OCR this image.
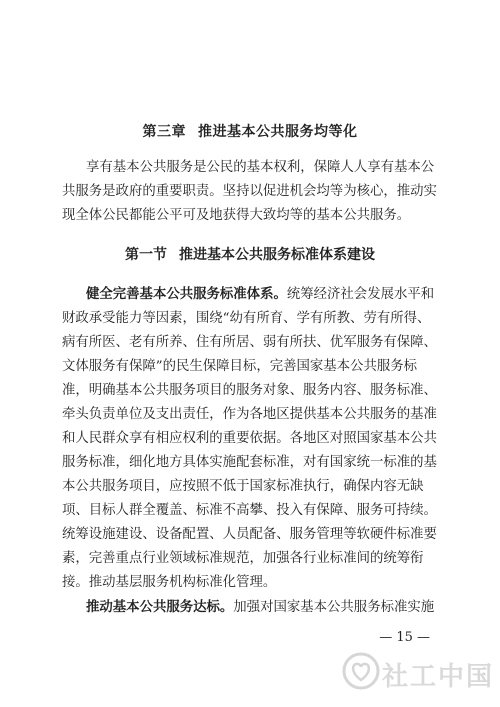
第三章 推进基本公共服务均等化
享有基本公共服务是公民的基本权利，保障人人享有基本公
共服务是政府的重要职责。坚持以促进机会均等为核心，推动实
现全体公民都能公平可及地获得大致均等的基本公共服务。
第一节 推进基本公共服务标准体系建设
健全完善基本公共服务标准体系。统筹经济社会发展水平和
财政承受能力等因素，围绕“幼有所育、学有所教、劳有所得、
病有所医、老有所养、住有所居、弱有所扶、优军服务有保障、
文体服务有保障”的民生保障目标，完善国家基本公共服务标
准，明确基本公共服务项目的服务对象、服务内容、服务标准、
牵头负责单位及支出责任，作为各地区提供基本公共服务的基准
和人民群众享有相应权利的重要依据。各地区对照国家基本公共
服务标准，细化地方具体实施配套标准，对有国家统一标准的基
本公共服务项目，应按照不低于国家标准执行，确保内容无缺
项、目标人群全覆盖、标准不高攀、投入有保障、服务可持续。
统筹设施建设、设备配置、人员配备、服务管理等软硬件标准要
素，完善重点行业领域标准规范，加强各行业标准间的统筹衔
接。推动基层服务机构标准化管理。
推动基本公共服务达标。加强对国家基本公共服务标准实施
— 15 —
社工中国
